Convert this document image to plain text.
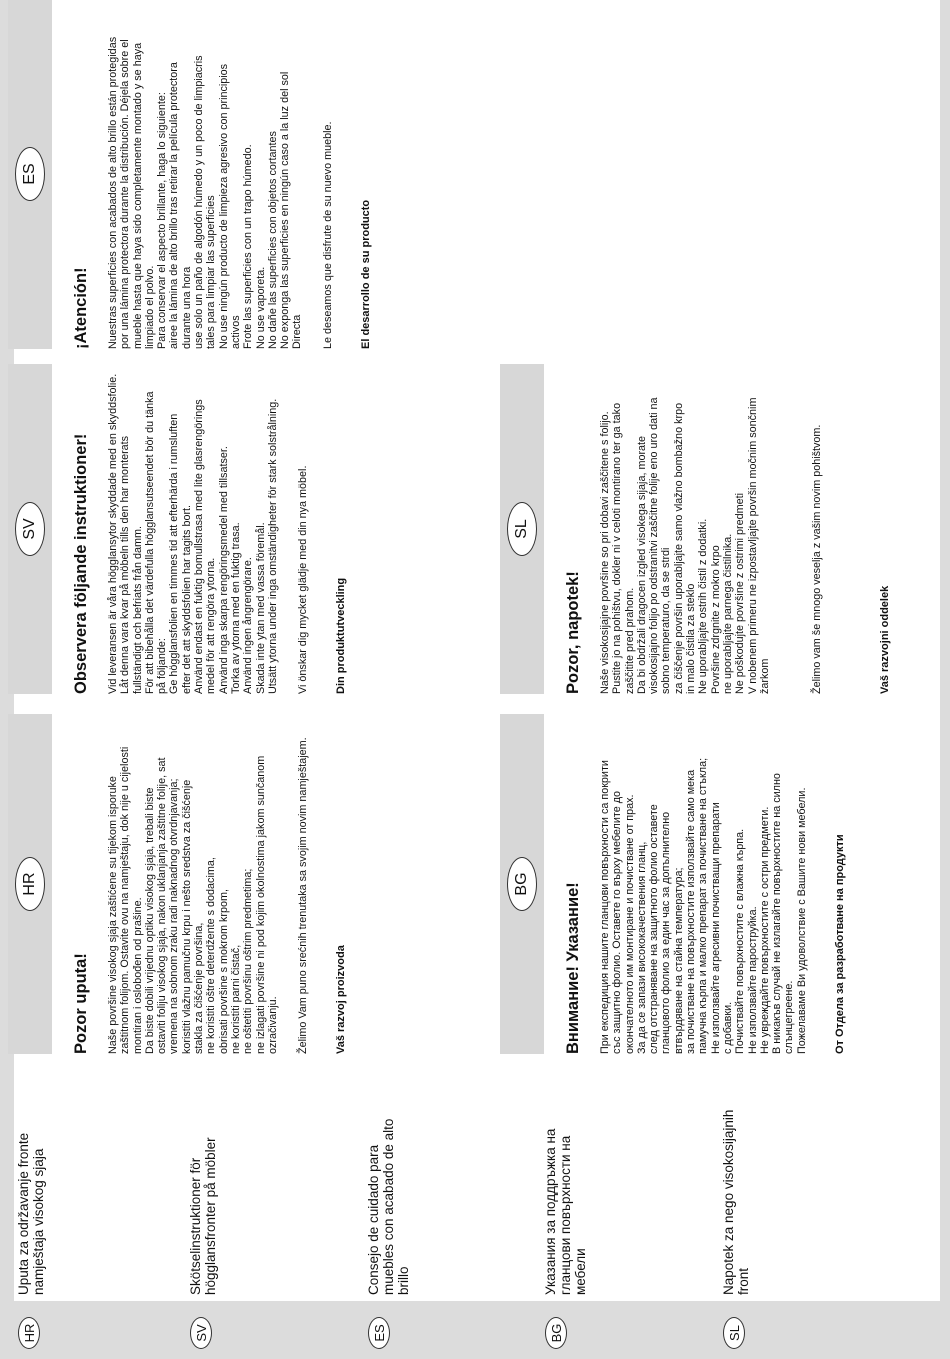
HR
Uputa za održavanje fronte namještaja visokog sjaja
SV
Skötselinstruktioner för högglansfronter på möbler
ES
Consejo de cuidado para muebles con acabado de alto brillo
BG
Указания за поддръжка на гланцови повърхности на мебели
SL
Napotek za nego visokosijajnih front
HR
Pozor uputa! Naše površine visokog sjaja zaštićene su tijekom isporuke zaštitnom folijom. Ostavite ovu na namještaju, dok nije u cijelosti montiran i oslobođen od prašine. Da biste dobili vrijednu optiku visokog sjaja, trebali biste ostaviti foliju visokog sjaja, nakon uklanjanja zaštitne folije, sat vremena na sobnom zraku radi naknadnog otvrdnjavanja; koristiti vlažnu pamučnu krpu i nešto sredstva za čišćenje stakla za čišćenje površina, ne koristiti oštre deterdžente s dodacima, obrisati površine s mokrom krpom, ne koristiti parni čistač, ne oštetiti površinu oštrim predmetima; ne izlagati površine ni pod kojim okolnostima jakom sunčanom ozračivanju. Želimo Vam puno srećnih trenutaka sa svojim novim namještajem. Vaš razvoj proizvoda
SV	Observera följande instruktioner! Vid leveransen är våra högglansytor skyddade med en skyddsfolie. Låt denna vara kvar på möbeln tills den har monterats fullständigt och befriats från damm. För att bibehålla det värdefulla högglansutseendet bör du tänka på följande: Ge högglansfolien en timmes tid att efterhärda i rumsluften efter det att skyddsfolien har tagits bort. Använd endast en fuktig bomullstrasa med lite glasrengörings medel för att rengöra ytorna. Använd inga skarpa rengöringsmedel med tillsatser. Torka av ytorna med en fuktig trasa. Använd ingen ångrengörare. Skada inte ytan med vassa föremål. Utsätt ytorna under inga omständigheter för stark solstrålning. Vi önskar dig mycket glädje med din nya möbel. Din produktutveckling
ES
¡Atención! Nuestras superficies con acabados de alto brillo están protegidas por una lámina protectora durante la distribución. Déjela sobre el mueble hasta que haya sido completamente montado y se haya limpiado el polvo. Para conservar el aspecto brillante, haga lo siguiente: airee la lámina de alto brillo tras retirar la película protectora durante una hora use solo un paño de algodón húmedo y un poco de limpiacris tales para limpiar las superficies No use ningún producto de limpieza agresivo con principios activos Frote las superficies con un trapo húmedo. No use vaporeta. No dañe las superficies con objetos cortantes No exponga las superficies en ningún caso a la luz del sol Directa Le deseamos que disfrute de su nuevo mueble. El desarrollo de su producto
BG	Внимание! Указание! При експедиция нашите гланцови повърхности са покрити със защитно фолио. Оставете го върху мебелите до окончателното им монтиране и почистване от прах. За да се запази висококачествения гланц, след отстраняване на защитното фолио оставете гланцовото фолио за един час за допълнително втвърдяване на стайна температура; за почистване на повърхностите използвайте само мека памучна кърпа и малко препарат за почистване на стъкла; Не използвайте агресивни почистващи препарати с добавки. Почиствайте повърхностите с влажна кърпа. Не използвайте пароструйка. Не увреждайте повърхностите с остри предмети. В никакъв случай не излагайте повърхностите на силно слънцегреене. Пожелаваме Ви удоволствие с Вашите нови мебели. От Отдела за разработване на продукти
SL
Pozor, napotek! Naše visokosijajne površine so pri dobavi zaščitene s folijo. Pustite jo na pohištvu, dokler ni v celoti montirano ter ga tako zaščitite pred prahom. Da bi obdržali dragocen izgled visokega sijaja, morate visokosijajno folijo po odstranitvi zaščitne folije eno uro dati na sobno temperaturo, da se strdi za čiščenje površin uporabljajte samo vlažno bombažno krpo in malo čistila za steklo Ne uporabljajte ostrih čistil z dodatki. Površine zdrgnite z mokro krpo ne uporabljajte parnega čistilnika. Ne poškodujte površine z ostrimi predmeti V nobenem primeru ne izpostavljajte površin močnim sončnim žarkom	Želimo vam še mnogo veselja z vašim novim pohištvom.	Vaš razvojni oddelek
